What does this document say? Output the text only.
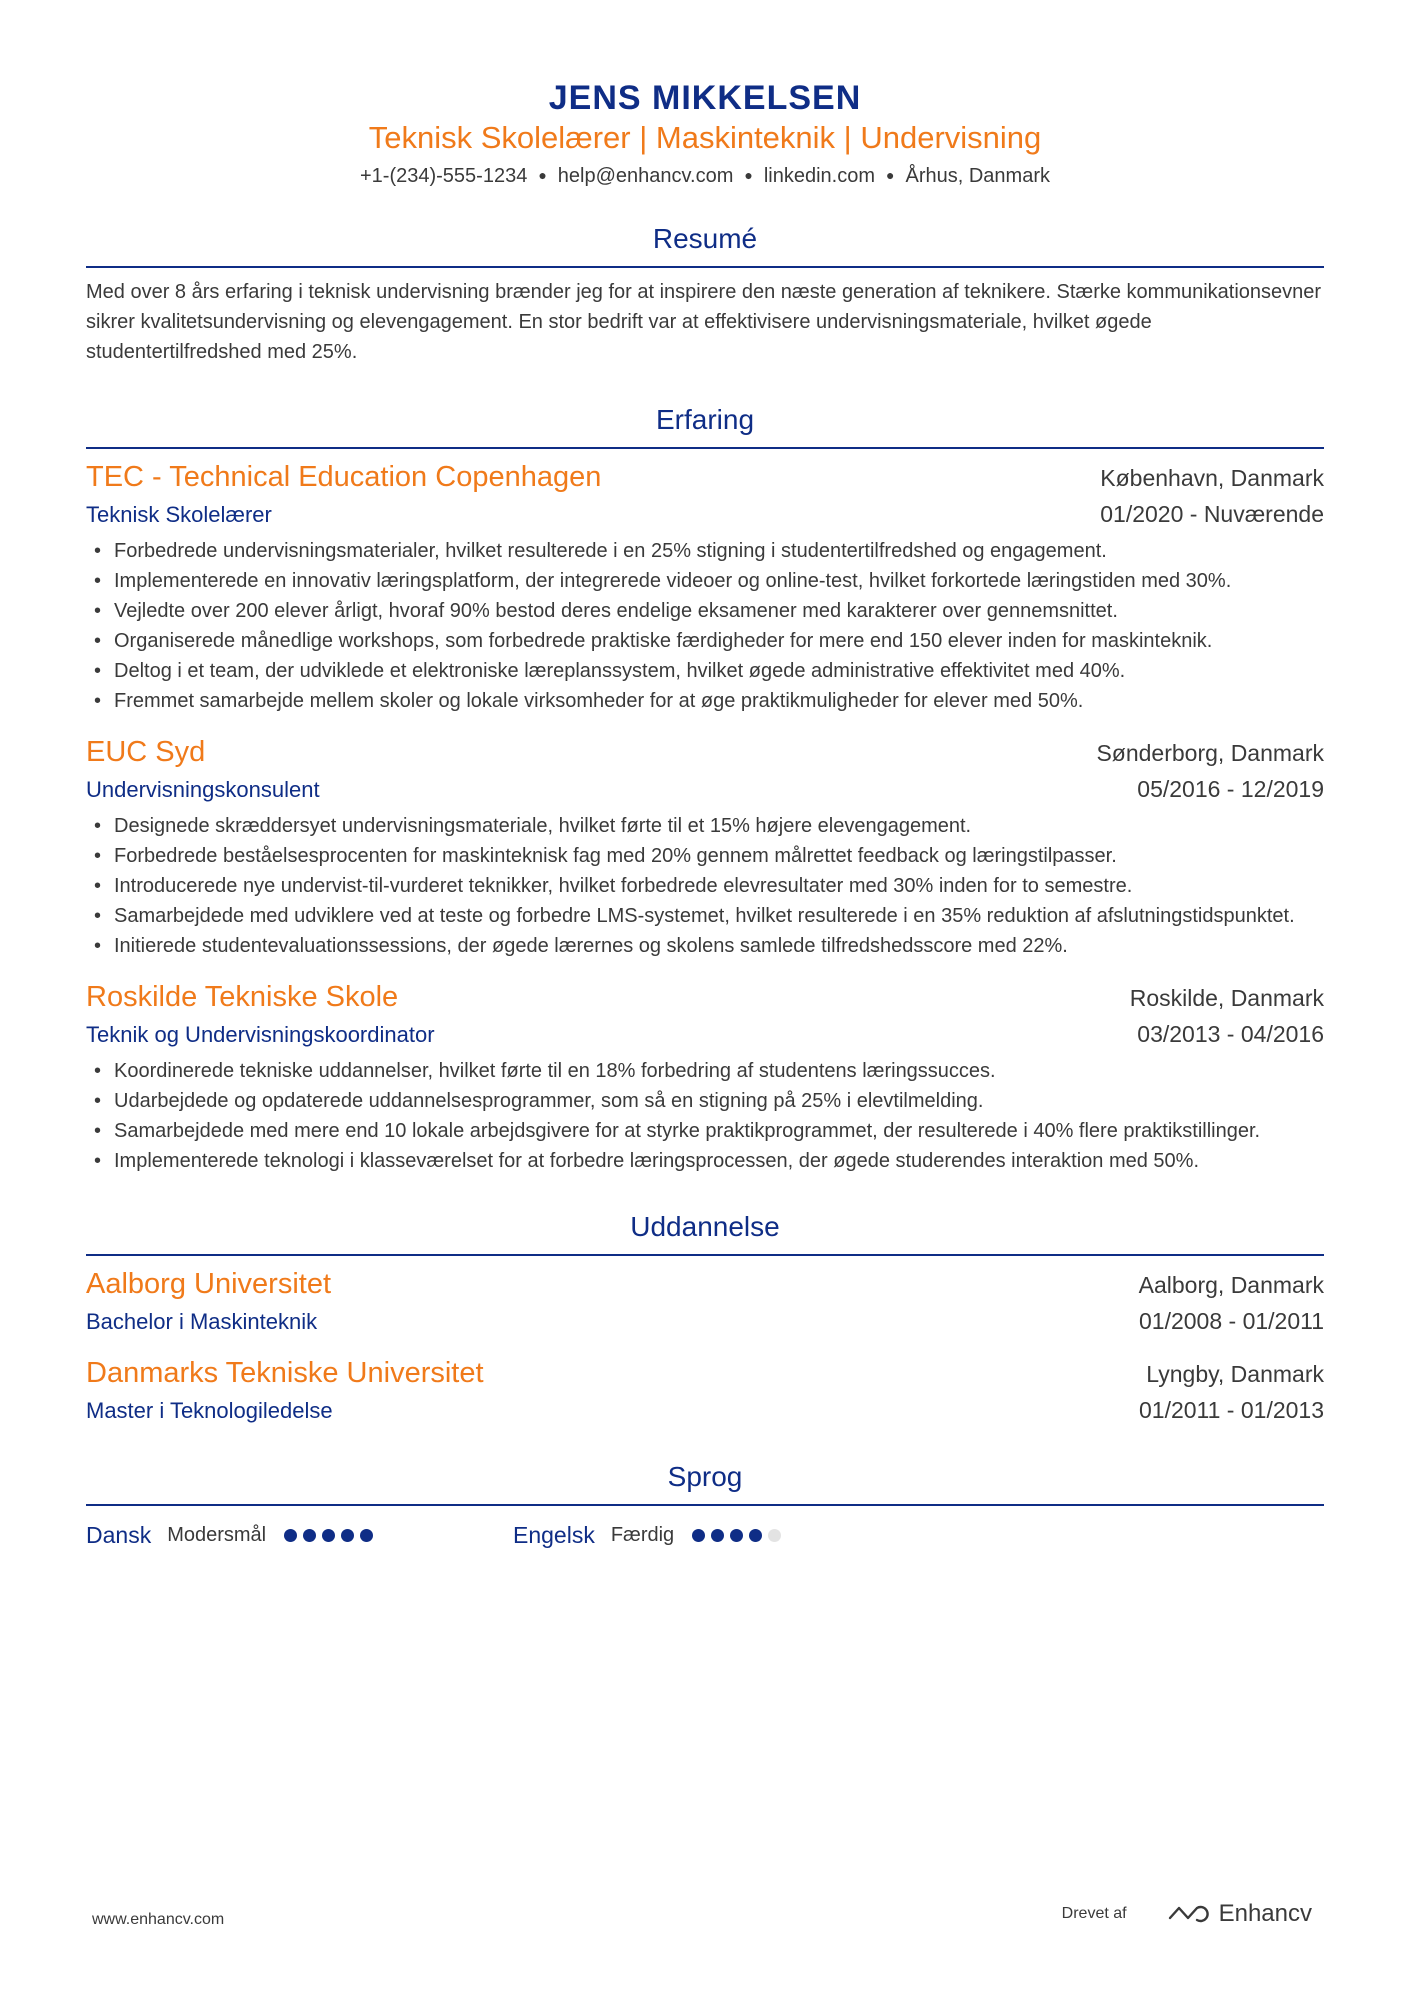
JENS MIKKELSEN
Teknisk Skolelærer | Maskinteknik | Undervisning
+1-(234)-555-1234 ● help@enhancv.com ● linkedin.com ● Århus, Danmark
Resumé
Med over 8 års erfaring i teknisk undervisning brænder jeg for at inspirere den næste generation af teknikere. Stærke kommunikationsevner sikrer kvalitetsundervisning og elevengagement. En stor bedrift var at effektivisere undervisningsmateriale, hvilket øgede studentertilfredshed med 25%.
Erfaring
TEC - Technical Education Copenhagen	København, Danmark
Teknisk Skolelærer	01/2020 - Nuværende
• Forbedrede undervisningsmaterialer, hvilket resulterede i en 25% stigning i studentertilfredshed og engagement.
• Implementerede en innovativ læringsplatform, der integrerede videoer og online-test, hvilket forkortede læringstiden med 30%.
• Vejledte over 200 elever årligt, hvoraf 90% bestod deres endelige eksamener med karakterer over gennemsnittet.
• Organiserede månedlige workshops, som forbedrede praktiske færdigheder for mere end 150 elever inden for maskinteknik.
• Deltog i et team, der udviklede et elektroniske læreplanssystem, hvilket øgede administrative effektivitet med 40%.
• Fremmet samarbejde mellem skoler og lokale virksomheder for at øge praktikmuligheder for elever med 50%.
EUC Syd	Sønderborg, Danmark
Undervisningskonsulent	05/2016 - 12/2019
• Designede skræddersyet undervisningsmateriale, hvilket førte til et 15% højere elevengagement.
• Forbedrede beståelsesprocenten for maskinteknisk fag med 20% gennem målrettet feedback og læringstilpasser.
• Introducerede nye undervist-til-vurderet teknikker, hvilket forbedrede elevresultater med 30% inden for to semestre.
• Samarbejdede med udviklere ved at teste og forbedre LMS-systemet, hvilket resulterede i en 35% reduktion af afslutningstidspunktet.
• Initierede studentevaluationssessions, der øgede lærernes og skolens samlede tilfredshedsscore med 22%.
Roskilde Tekniske Skole	Roskilde, Danmark
Teknik og Undervisningskoordinator	03/2013 - 04/2016
• Koordinerede tekniske uddannelser, hvilket førte til en 18% forbedring af studentens læringssucces.
• Udarbejdede og opdaterede uddannelsesprogrammer, som så en stigning på 25% i elevtilmelding.
• Samarbejdede med mere end 10 lokale arbejdsgivere for at styrke praktikprogrammet, der resulterede i 40% flere praktikstillinger.
• Implementerede teknologi i klasseværelset for at forbedre læringsprocessen, der øgede studerendes interaktion med 50%.
Uddannelse
Aalborg Universitet	Aalborg, Danmark
Bachelor i Maskinteknik	01/2008 - 01/2011
Danmarks Tekniske Universitet	Lyngby, Danmark
Master i Teknologiledelse	01/2011 - 01/2013
Sprog
Dansk Modersmål	Engelsk Færdig
www.enhancv.com	Drevet af	Enhancv
